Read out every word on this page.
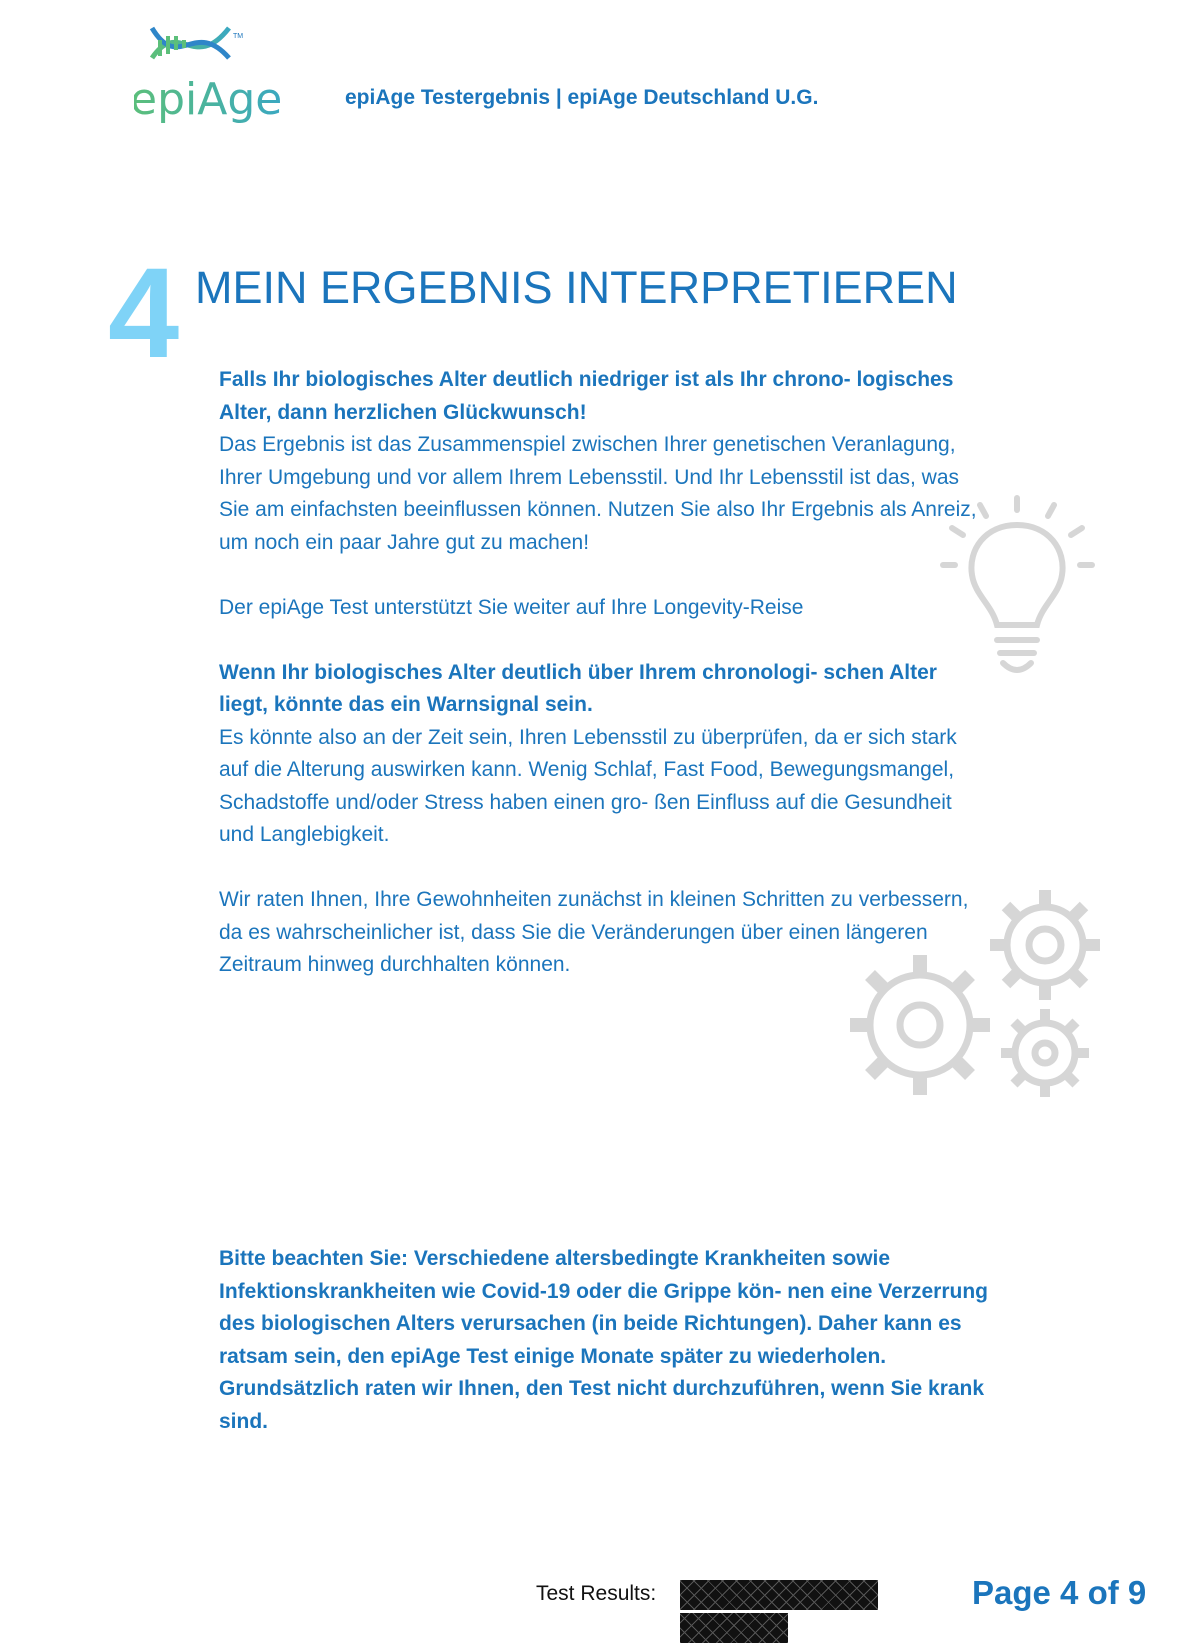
TM
epiAge	epiAge Testergebnis | epiAge Deutschland U.G.
4 MEIN ERGEBNIS INTERPRETIEREN

Falls Ihr biologisches Alter deutlich niedriger ist als Ihr chrono- logisches Alter, dann herzlichen Glückwunsch!

Das Ergebnis ist das Zusammenspiel zwischen Ihrer genetischen Veranlagung, Ihrer Umgebung und vor allem Ihrem Lebensstil. Und Ihr Lebensstil ist das, was Sie am einfachsten beeinflussen können. Nutzen Sie also Ihr Ergebnis als Anreiz, um noch ein paar Jahre gut zu machen!

Der epiAge Test unterstützt Sie weiter auf Ihre Longevity-Reise

Wenn Ihr biologisches Alter deutlich über Ihrem chronologi- schen Alter liegt, könnte das ein Warnsignal sein.

Es könnte also an der Zeit sein, Ihren Lebensstil zu überprüfen, da er sich stark auf die Alterung auswirken kann. Wenig Schlaf, Fast Food, Bewegungsmangel, Schadstoffe und/oder Stress haben einen gro- ßen Einfluss auf die Gesundheit und Langlebigkeit.

Wir raten Ihnen, Ihre Gewohnheiten zunächst in kleinen Schritten zu verbessern, da es wahrscheinlicher ist, dass Sie die Veränderungen über einen längeren Zeitraum hinweg durchhalten können.

Bitte beachten Sie: Verschiedene altersbedingte Krankheiten sowie Infektionskrankheiten wie Covid-19 oder die Grippe kön- nen eine Verzerrung des biologischen Alters verursachen (in beide Richtungen). Daher kann es ratsam sein, den epiAge Test einige Monate später zu wiederholen.

Grundsätzlich raten wir Ihnen, den Test nicht durchzuführen, wenn Sie krank sind.

Test Results:	Page 4 of 9
